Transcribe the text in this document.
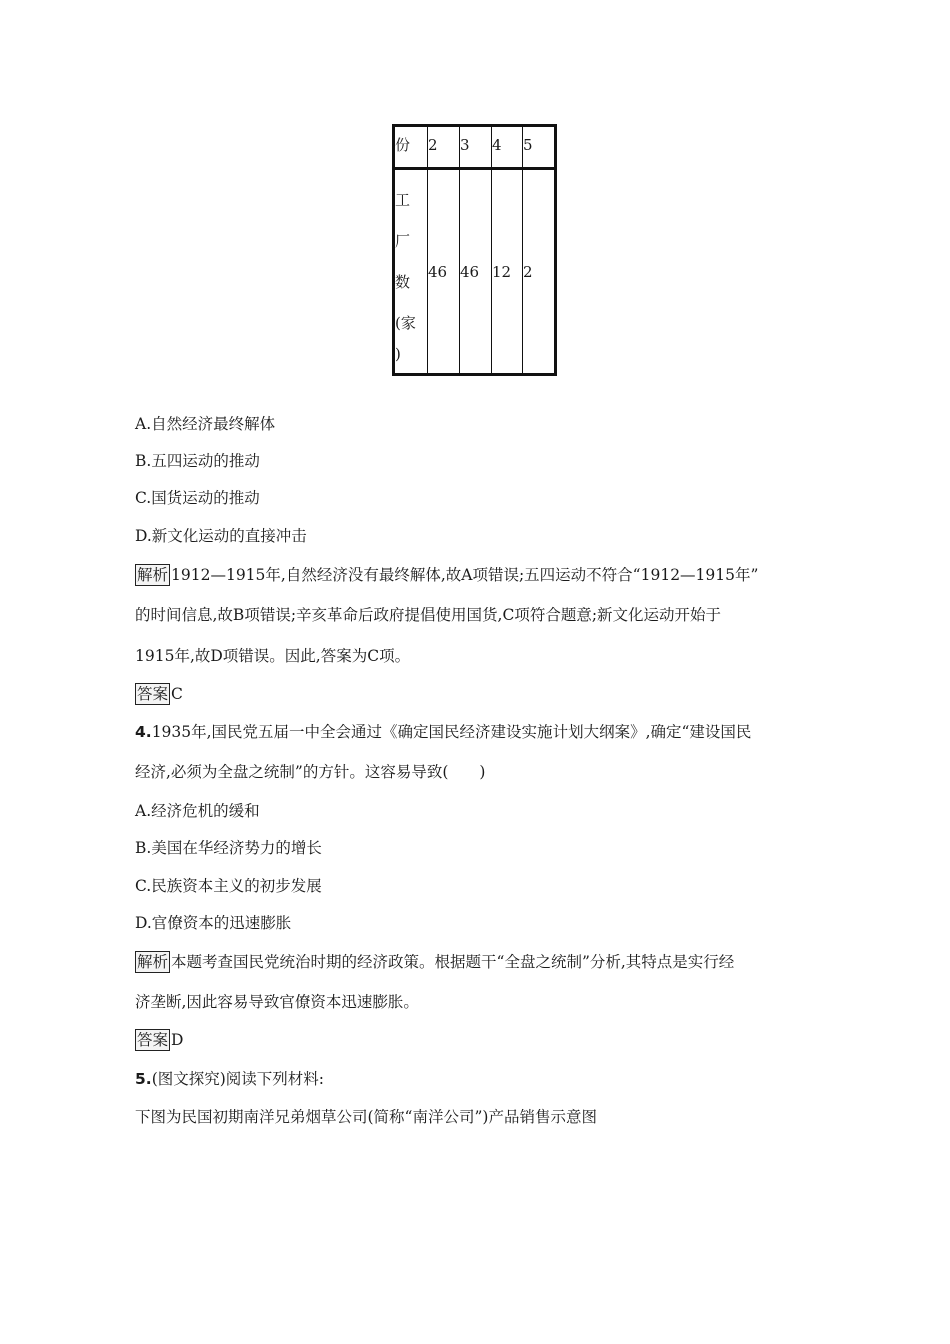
份	2	3	4	5

工
厂
数
(家
)	46	46	12	2
A.自然经济最终解体
B.五四运动的推动
C.国货运动的推动
D.新文化运动的直接冲击
解析 1912—1915年,自然经济没有最终解体,故A项错误;五四运动不符合“1912—1915年”
的时间信息,故B项错误;辛亥革命后政府提倡使用国货,C项符合题意;新文化运动开始于
1915年,故D项错误。因此,答案为C项。
答案 C
4.1935年,国民党五届一中全会通过《确定国民经济建设实施计划大纲案》,确定“建设国民
经济,必须为全盘之统制”的方针。这容易导致(　　)
A.经济危机的缓和
B.美国在华经济势力的增长
C.民族资本主义的初步发展
D.官僚资本的迅速膨胀
解析 本题考查国民党统治时期的经济政策。根据题干“全盘之统制”分析,其特点是实行经
济垄断,因此容易导致官僚资本迅速膨胀。
答案 D
5.(图文探究)阅读下列材料:
下图为民国初期南洋兄弟烟草公司(简称“南洋公司”)产品销售示意图
